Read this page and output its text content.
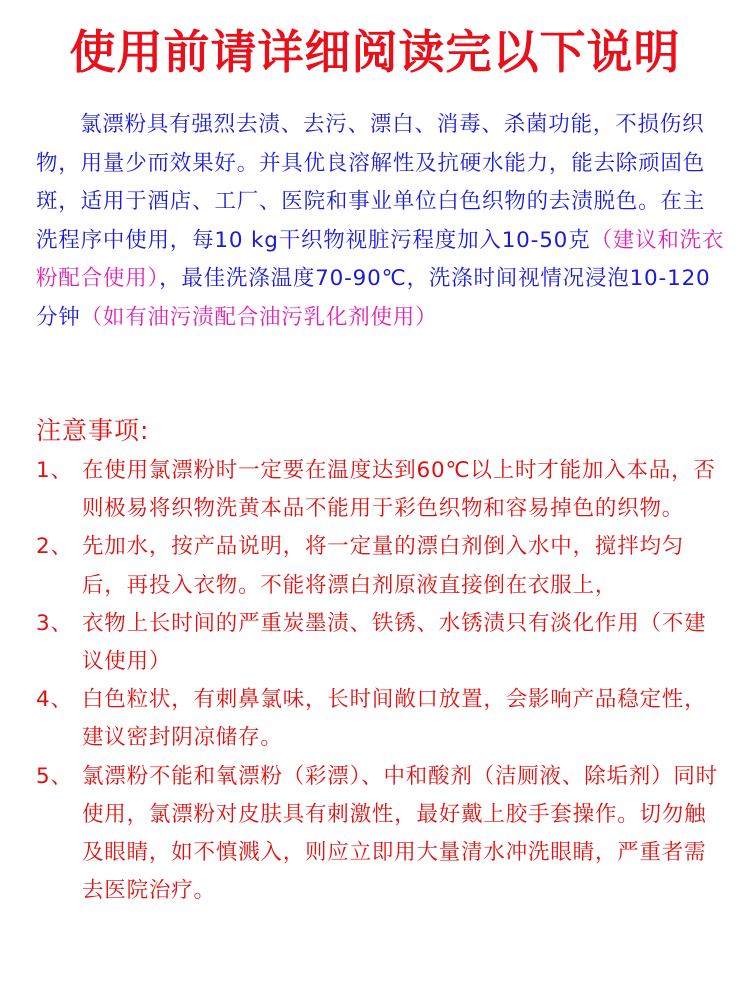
使用前请详细阅读完以下说明
氯漂粉具有强烈去渍、去污、漂白、消毒、杀菌功能，不损伤织物，用量少而效果好。并具优良溶解性及抗硬水能力，能去除顽固色斑，适用于酒店、工厂、医院和事业单位白色织物的去渍脱色。在主洗程序中使用，每10 kg干织物视脏污程度加入10-50克（建议和洗衣粉配合使用），最佳洗涤温度70-90℃，洗涤时间视情况浸泡10-120分钟（如有油污渍配合油污乳化剂使用）
注意事项:
1、 在使用氯漂粉时一定要在温度达到60℃以上时才能加入本品，否则极易将织物洗黄本品不能用于彩色织物和容易掉色的织物。
2、 先加水，按产品说明，将一定量的漂白剂倒入水中，搅拌均匀后，再投入衣物。不能将漂白剂原液直接倒在衣服上，
3、 衣物上长时间的严重炭墨渍、铁锈、水锈渍只有淡化作用（不建议使用）
4、 白色粒状，有刺鼻氯味，长时间敞口放置，会影响产品稳定性，建议密封阴凉储存。
5、 氯漂粉不能和氧漂粉（彩漂）、中和酸剂（洁厕液、除垢剂）同时使用，氯漂粉对皮肤具有刺激性，最好戴上胶手套操作。切勿触及眼睛，如不慎溅入，则应立即用大量清水冲洗眼睛，严重者需去医院治疗。
